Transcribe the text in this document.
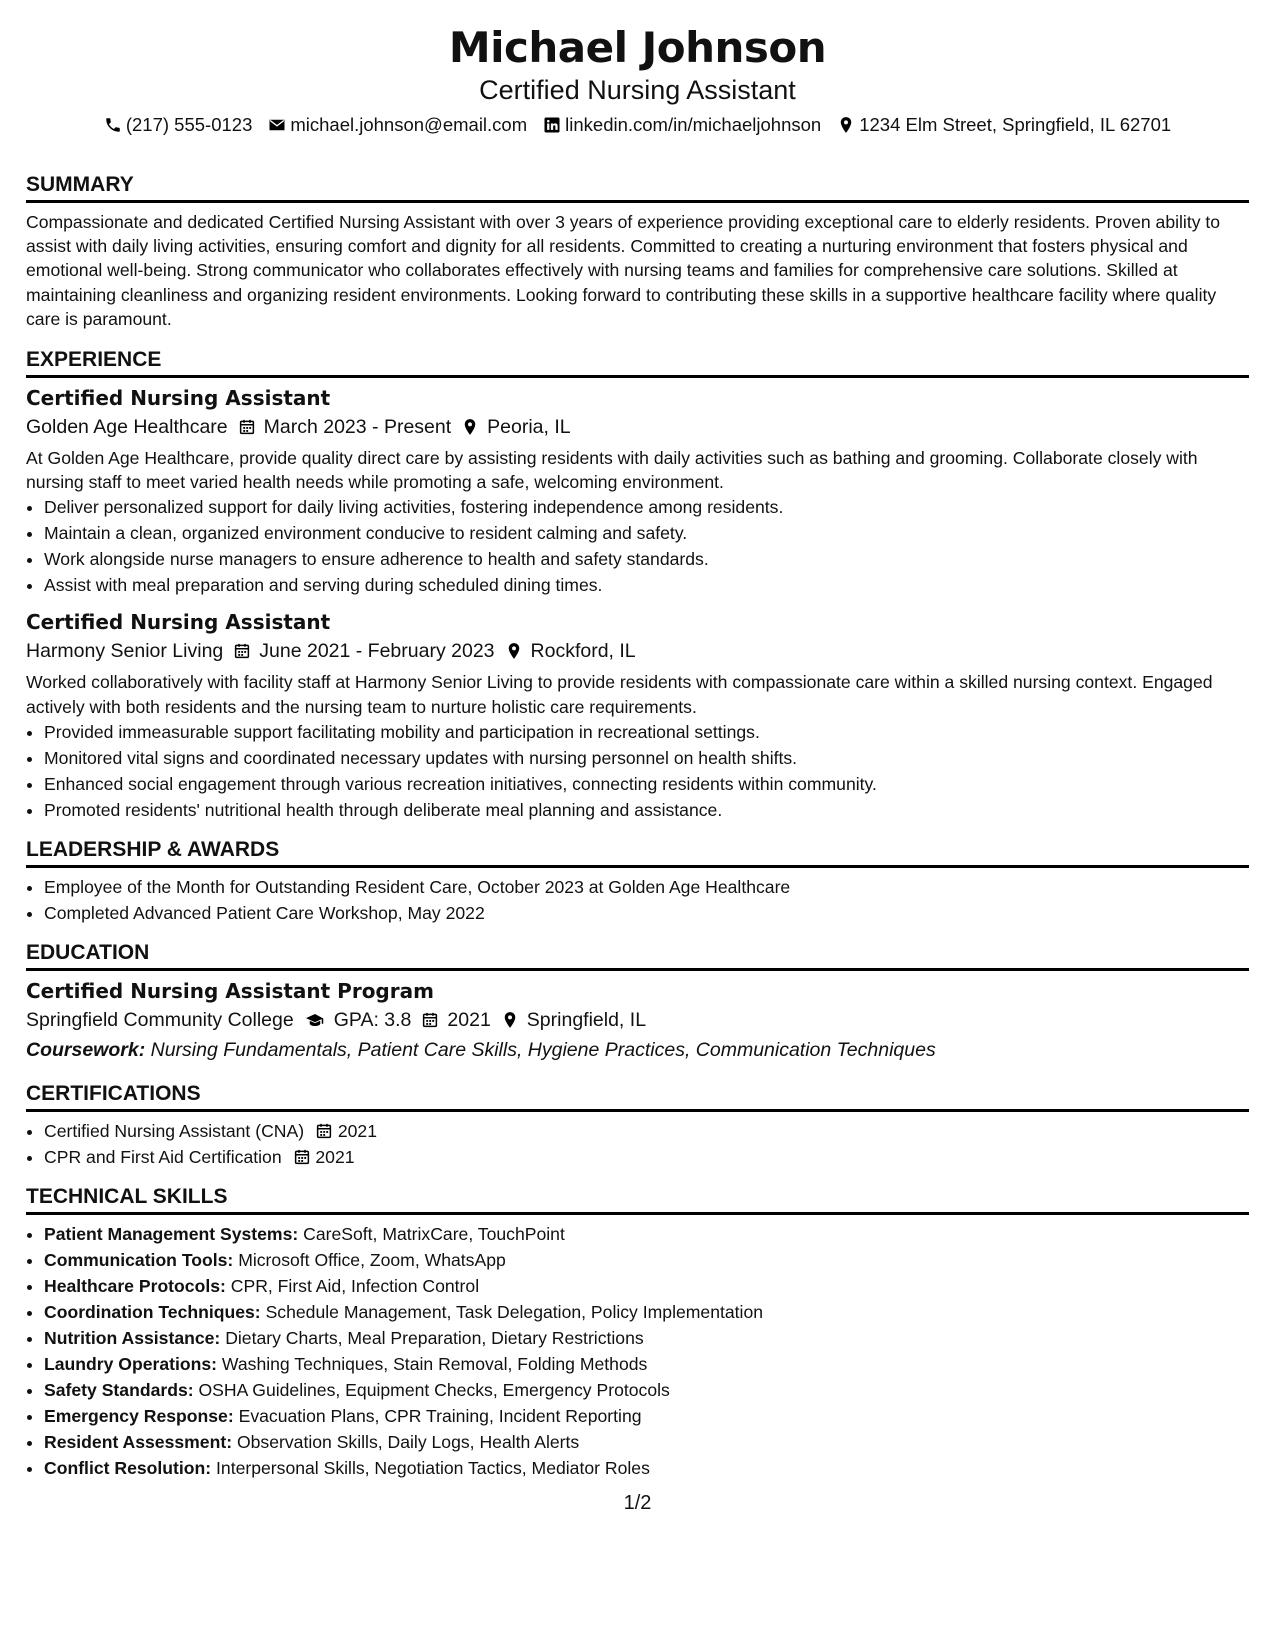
Michael Johnson
Certified Nursing Assistant
(217) 555-0123 michael.johnson@email.com linkedin.com/in/michaeljohnson 1234 Elm Street, Springfield, IL 62701
SUMMARY
Compassionate and dedicated Certified Nursing Assistant with over 3 years of experience providing exceptional care to elderly residents. Proven ability to assist with daily living activities, ensuring comfort and dignity for all residents. Committed to creating a nurturing environment that fosters physical and emotional well-being. Strong communicator who collaborates effectively with nursing teams and families for comprehensive care solutions. Skilled at maintaining cleanliness and organizing resident environments. Looking forward to contributing these skills in a supportive healthcare facility where quality care is paramount.
EXPERIENCE
Certified Nursing Assistant
Golden Age Healthcare March 2023 - Present Peoria, IL
At Golden Age Healthcare, provide quality direct care by assisting residents with daily activities such as bathing and grooming. Collaborate closely with nursing staff to meet varied health needs while promoting a safe, welcoming environment.
• Deliver personalized support for daily living activities, fostering independence among residents.
• Maintain a clean, organized environment conducive to resident calming and safety.
• Work alongside nurse managers to ensure adherence to health and safety standards.
• Assist with meal preparation and serving during scheduled dining times.
Certified Nursing Assistant
Harmony Senior Living June 2021 - February 2023 Rockford, IL
Worked collaboratively with facility staff at Harmony Senior Living to provide residents with compassionate care within a skilled nursing context. Engaged actively with both residents and the nursing team to nurture holistic care requirements.
• Provided immeasurable support facilitating mobility and participation in recreational settings.
• Monitored vital signs and coordinated necessary updates with nursing personnel on health shifts.
• Enhanced social engagement through various recreation initiatives, connecting residents within community.
• Promoted residents' nutritional health through deliberate meal planning and assistance.
LEADERSHIP & AWARDS
• Employee of the Month for Outstanding Resident Care, October 2023 at Golden Age Healthcare
• Completed Advanced Patient Care Workshop, May 2022
EDUCATION
Certified Nursing Assistant Program
Springfield Community College GPA: 3.8 2021 Springfield, IL
Coursework: Nursing Fundamentals, Patient Care Skills, Hygiene Practices, Communication Techniques
CERTIFICATIONS
• Certified Nursing Assistant (CNA) 2021
• CPR and First Aid Certification 2021
TECHNICAL SKILLS
• Patient Management Systems: CareSoft, MatrixCare, TouchPoint
• Communication Tools: Microsoft Office, Zoom, WhatsApp
• Healthcare Protocols: CPR, First Aid, Infection Control
• Coordination Techniques: Schedule Management, Task Delegation, Policy Implementation
• Nutrition Assistance: Dietary Charts, Meal Preparation, Dietary Restrictions
• Laundry Operations: Washing Techniques, Stain Removal, Folding Methods
• Safety Standards: OSHA Guidelines, Equipment Checks, Emergency Protocols
• Emergency Response: Evacuation Plans, CPR Training, Incident Reporting
• Resident Assessment: Observation Skills, Daily Logs, Health Alerts
• Conflict Resolution: Interpersonal Skills, Negotiation Tactics, Mediator Roles
1/2
